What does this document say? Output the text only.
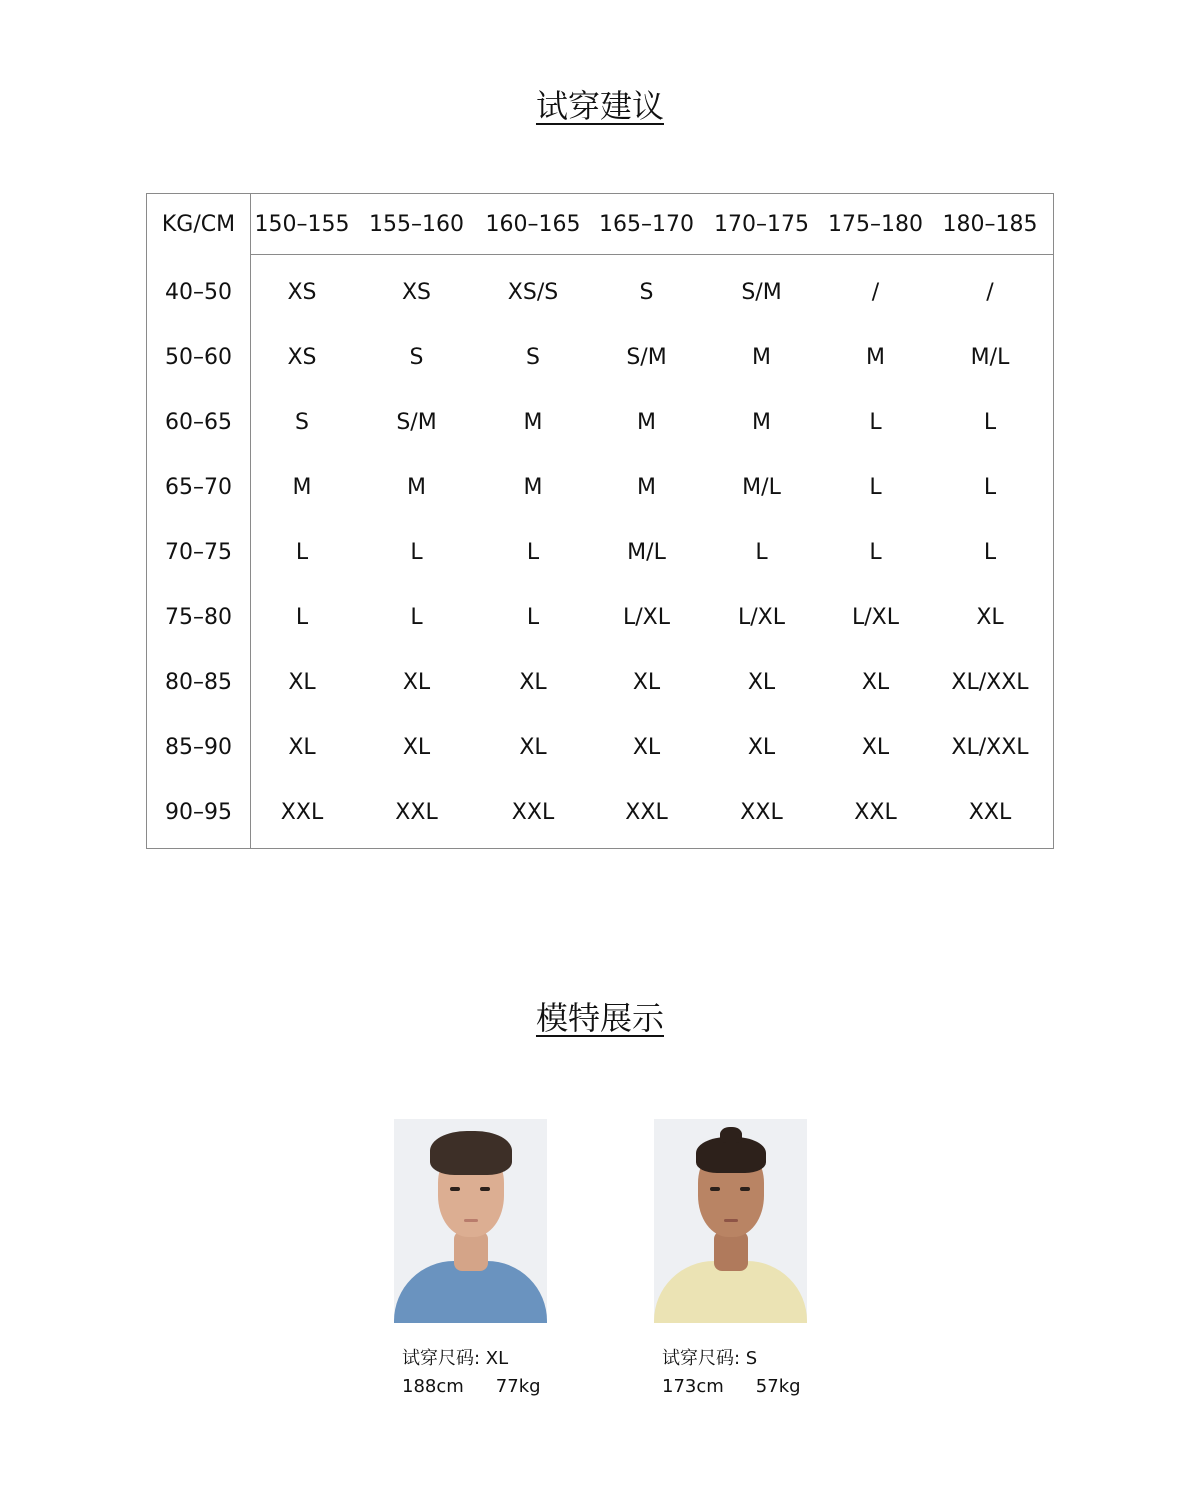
试穿建议
KG/CM 150–155 155–160 160–165 165–170 170–175 175–180 180–185
40–50	XS	XS	XS/S	S	S/M	/	/
50–60	XS	S	S	S/M	M	M	M/L
60–65	S	S/M	M	M	M	L	L
65–70	M	M	M	M	M/L	L	L
70–75	L	L	L	M/L	L	L	L
75–80	L	L	L	L/XL	L/XL	L/XL	XL
80–85	XL	XL	XL	XL	XL	XL	XL/XXL
85–90	XL	XL	XL	XL	XL	XL	XL/XXL
90–95	XXL	XXL	XXL	XXL	XXL	XXL	XXL
模特展示
试穿尺码: XL
188cm 77kg
试穿尺码: S
173cm 57kg
